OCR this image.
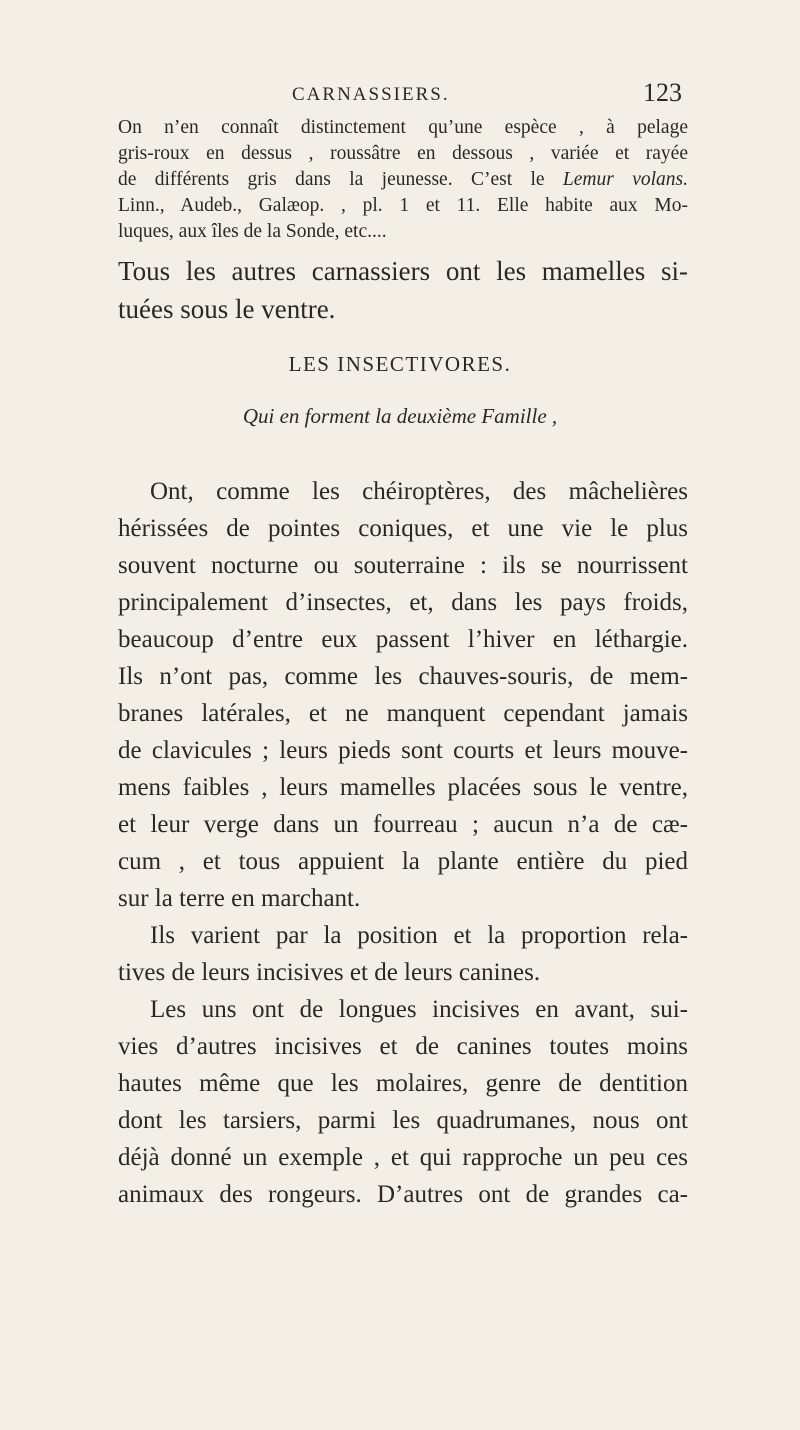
CARNASSIERS.	123
On n’en connaît distinctement qu’une espèce , à pelage
gris-roux en dessus , roussâtre en dessous , variée et rayée
de différents gris dans la jeunesse. C’est le Lemur volans.
Linn., Audeb., Galæop. , pl. 1 et 11. Elle habite aux Mo-
luques, aux îles de la Sonde, etc....
Tous les autres carnassiers ont les mamelles si-
tuées sous le ventre.
LES INSECTIVORES.
Qui en forment la deuxième Famille ,
Ont, comme les chéiroptères, des mâchelières
hérissées de pointes coniques, et une vie le plus
souvent nocturne ou souterraine : ils se nourrissent
principalement d’insectes, et, dans les pays froids,
beaucoup d’entre eux passent l’hiver en léthargie.
Ils n’ont pas, comme les chauves-souris, de mem-
branes latérales, et ne manquent cependant jamais
de clavicules ; leurs pieds sont courts et leurs mouve-
mens faibles , leurs mamelles placées sous le ventre,
et leur verge dans un fourreau ; aucun n’a de cæ-
cum , et tous appuient la plante entière du pied
sur la terre en marchant.
Ils varient par la position et la proportion rela-
tives de leurs incisives et de leurs canines.
Les uns ont de longues incisives en avant, sui-
vies d’autres incisives et de canines toutes moins
hautes même que les molaires, genre de dentition
dont les tarsiers, parmi les quadrumanes, nous ont
déjà donné un exemple , et qui rapproche un peu ces
animaux des rongeurs. D’autres ont de grandes ca-
